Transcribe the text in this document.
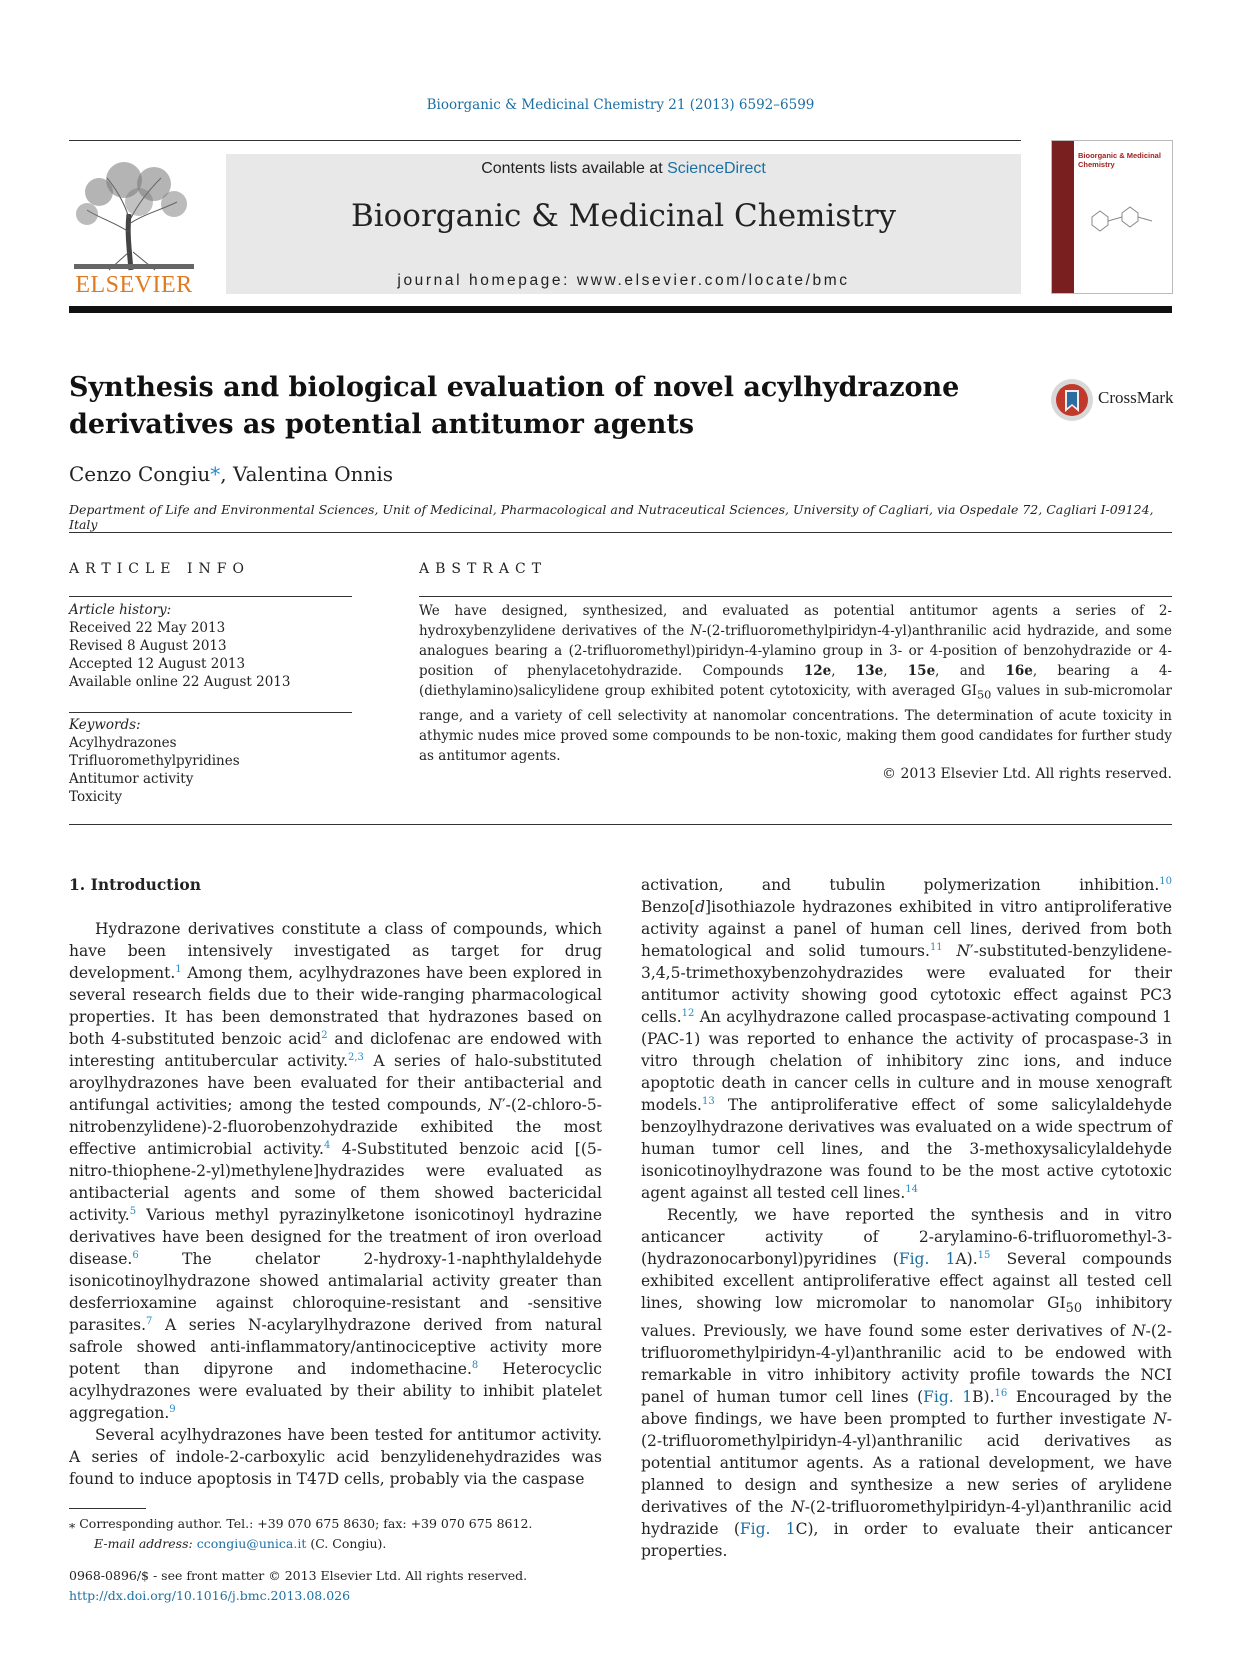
Bioorganic & Medicinal Chemistry 21 (2013) 6592–6599
ELSEVIER
Contents lists available at ScienceDirect
Bioorganic & Medicinal Chemistry
journal homepage: www.elsevier.com/locate/bmc
Bioorganic & Medicinal Chemistry
Synthesis and biological evaluation of novel acylhydrazone derivatives as potential antitumor agents
CrossMark
Cenzo Congiu*, Valentina Onnis
Department of Life and Environmental Sciences, Unit of Medicinal, Pharmacological and Nutraceutical Sciences, University of Cagliari, via Ospedale 72, Cagliari I-09124, Italy
ARTICLE INFO	ABSTRACT
Article history:
Received 22 May 2013
Revised 8 August 2013
Accepted 12 August 2013
Available online 22 August 2013
Keywords:
Acylhydrazones
Trifluoromethylpyridines
Antitumor activity
Toxicity
We have designed, synthesized, and evaluated as potential antitumor agents a series of 2-hydroxybenzylidene derivatives of the N-(2-trifluoromethylpiridyn-4-yl)anthranilic acid hydrazide, and some analogues bearing a (2-trifluoromethyl)piridyn-4-ylamino group in 3- or 4-position of benzohydrazide or 4-position of phenylacetohydrazide. Compounds 12e, 13e, 15e, and 16e, bearing a 4-(diethylamino)salicylidene group exhibited potent cytotoxicity, with averaged $GI_{50}$ values in sub-micromolar range, and a variety of cell selectivity at nanomolar concentrations. The determination of acute toxicity in athymic nudes mice proved some compounds to be non-toxic, making them good candidates for further study as antitumor agents.
© 2013 Elsevier Ltd. All rights reserved.
1. Introduction

Hydrazone derivatives constitute a class of compounds, which have been intensively investigated as target for drug development.$^1$ Among them, acylhydrazones have been explored in several research fields due to their wide-ranging pharmacological properties. It has been demonstrated that hydrazones based on both 4-substituted benzoic acid$^2$ and diclofenac are endowed with interesting antitubercular activity.$^{2,3}$ A series of halo-substituted aroylhydrazones have been evaluated for their antibacterial and antifungal activities; among the tested compounds, N′-(2-chloro-5-nitrobenzylidene)-2-fluorobenzohydrazide exhibited the most effective antimicrobial activity.$^4$ 4-Substituted benzoic acid [(5-nitro-thiophene-2-yl)methylene]hydrazides were evaluated as antibacterial agents and some of them showed bactericidal activity.$^5$ Various methyl pyrazinylketone isonicotinoyl hydrazine derivatives have been designed for the treatment of iron overload disease.$^6$ The chelator 2-hydroxy-1-naphthylaldehyde isonicotinoylhydrazone showed antimalarial activity greater than desferrioxamine against chloroquine-resistant and -sensitive parasites.$^7$ A series N-acylarylhydrazone derived from natural safrole showed anti-inflammatory/antinociceptive activity more potent than dipyrone and indomethacine.$^8$ Heterocyclic acylhydrazones were evaluated by their ability to inhibit platelet aggregation.$^9$

Several acylhydrazones have been tested for antitumor activity. A series of indole-2-carboxylic acid benzylidenehydrazides was found to induce apoptosis in T47D cells, probably via the caspase

activation, and tubulin polymerization inhibition.$^{10}$ Benzo[d]isothiazole hydrazones exhibited in vitro antiproliferative activity against a panel of human cell lines, derived from both hematological and solid tumours.$^{11}$ N′-substituted-benzylidene-3,4,5-trimethoxybenzohydrazides were evaluated for their antitumor activity showing good cytotoxic effect against PC3 cells.$^{12}$ An acylhydrazone called procaspase-activating compound 1 (PAC-1) was reported to enhance the activity of procaspase-3 in vitro through chelation of inhibitory zinc ions, and induce apoptotic death in cancer cells in culture and in mouse xenograft models.$^{13}$ The antiproliferative effect of some salicylaldehyde benzoylhydrazone derivatives was evaluated on a wide spectrum of human tumor cell lines, and the 3-methoxysalicylaldehyde isonicotinoylhydrazone was found to be the most active cytotoxic agent against all tested cell lines.$^{14}$

Recently, we have reported the synthesis and in vitro anticancer activity of 2-arylamino-6-trifluoromethyl-3-(hydrazonocarbonyl)pyridines (Fig. 1A).$^{15}$ Several compounds exhibited excellent antiproliferative effect against all tested cell lines, showing low micromolar to nanomolar $GI_{50}$ inhibitory values. Previously, we have found some ester derivatives of N-(2-trifluoromethylpiridyn-4-yl)anthranilic acid to be endowed with remarkable in vitro inhibitory activity profile towards the NCI panel of human tumor cell lines (Fig. 1B).$^{16}$ Encouraged by the above findings, we have been prompted to further investigate N-(2-trifluoromethylpiridyn-4-yl)anthranilic acid derivatives as potential antitumor agents. As a rational development, we have planned to design and synthesize a new series of arylidene derivatives of the N-(2-trifluoromethylpiridyn-4-yl)anthranilic acid hydrazide (Fig. 1C), in order to evaluate their anticancer properties.

⁎ Corresponding author. Tel.: +39 070 675 8630; fax: +39 070 675 8612.
E-mail address: ccongiu@unica.it (C. Congiu).
0968-0896/$ - see front matter © 2013 Elsevier Ltd. All rights reserved.
http://dx.doi.org/10.1016/j.bmc.2013.08.026
